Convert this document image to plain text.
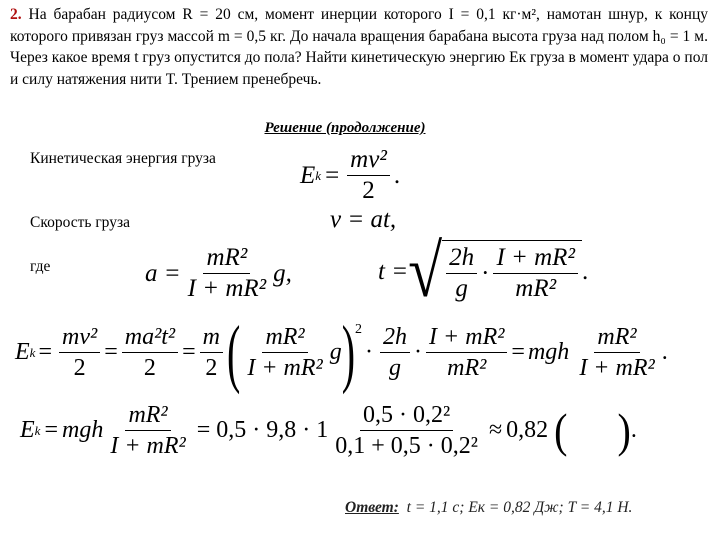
2. На барабан радиусом R = 20 см, момент инерции которого I = 0,1 кг·м², намотан шнур, к концу которого привязан груз массой m = 0,5 кг. До начала вращения барабана высота груза над полом h₀ = 1 м. Через какое время t груз опустится до пола? Найти кинетическую энергию Eк груза в момент удара о пол и силу натяжения нити T. Трением пренебречь.
Решение (продолжение)
Кинетическая энергия груза
E $k = \frac{\text{mv²}}{2}$ .
Скорость груза	v = at,
где	$a = \frac{\text{mR²}}{\text{I + mR²}} g$,	t = √ $\frac{2h}{g} \cdot \frac{\text{I + mR²}}{\text{mR²}}$ .
E $k = \frac{\text{mv²}}{2} = \frac{\text{ma²t²}}{2} = \frac{m}{2}$ ( $\frac{\text{mR²}}{\text{I + mR²}}$ g )$^2$
· $\frac{2h}{g} \cdot \frac{\text{I + mR²}}{\text{mR²}}$ = mgh $\frac{\text{mR²}}{\text{I + mR²}}$ .
E k = mgh $\frac{\text{mR²}}{\text{I + mR²}} = 0,5 \cdot 9,8 \cdot 1 \frac{\text{0,5 · 0,2²}}{\text{0,1 + 0,5 · 0,2²}} \approx 0,82$ ( ) .
Ответ: t = 1,1 с; Eк = 0,82 Дж; T = 4,1 Н.
